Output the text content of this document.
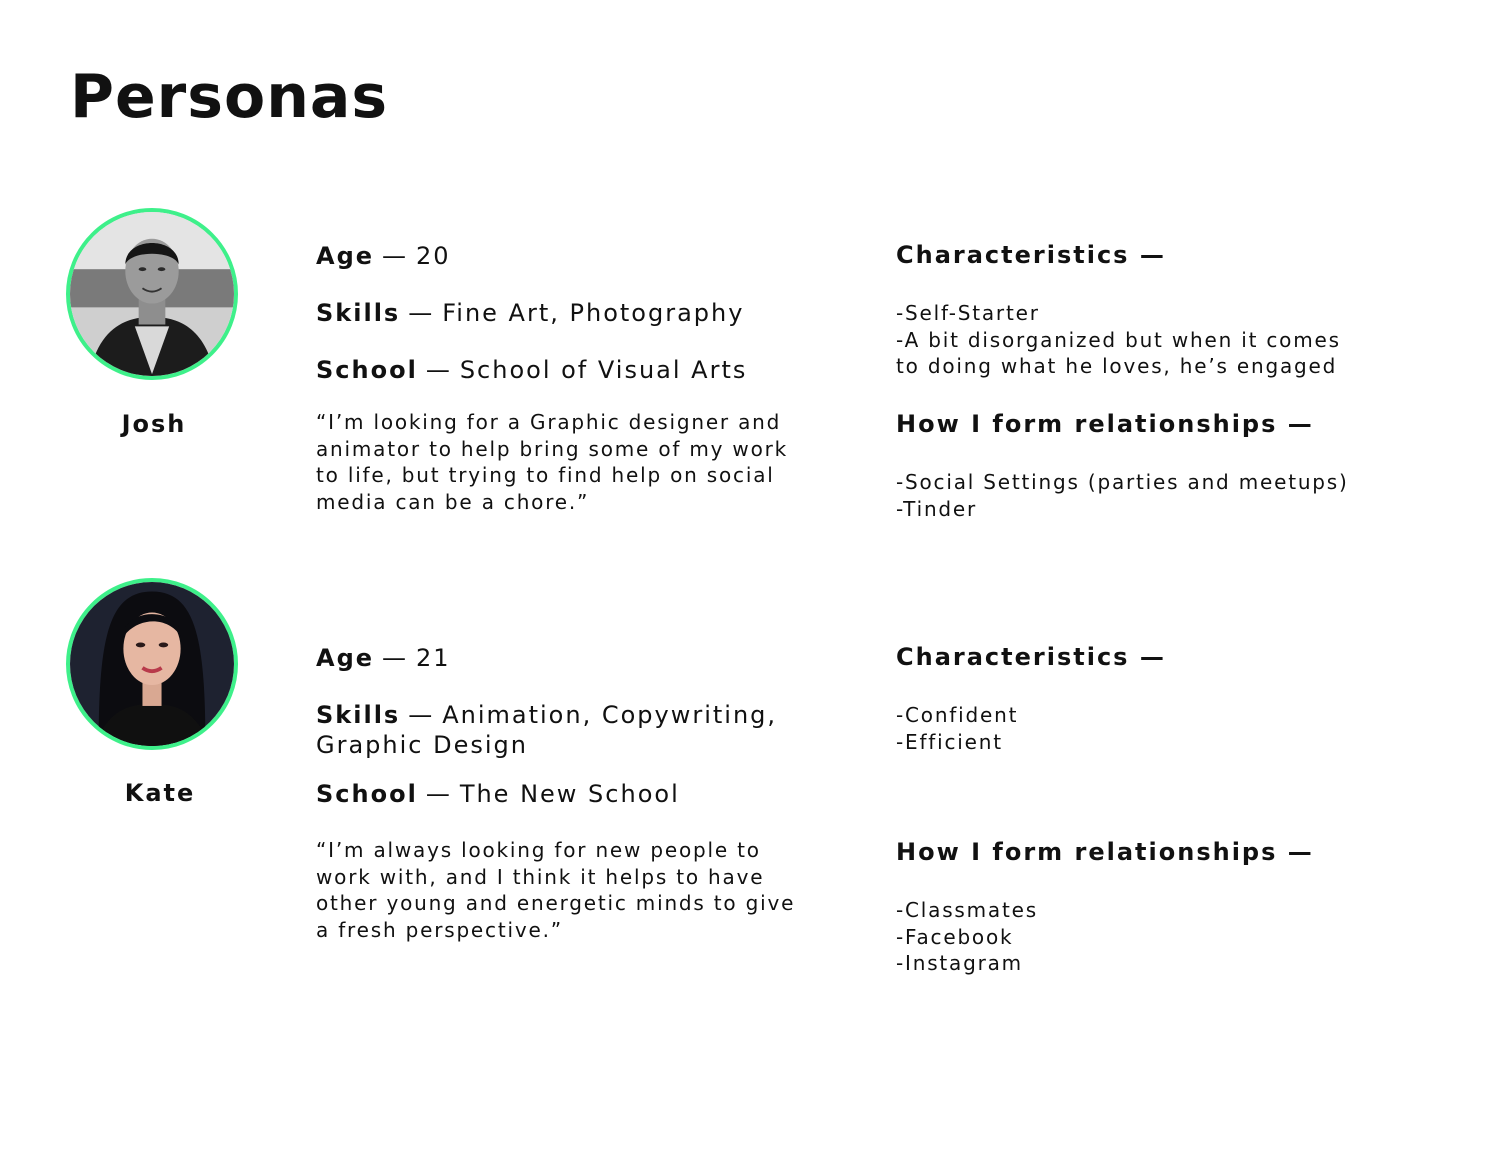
Personas
Josh
Age — 20
Skills — Fine Art, Photography
School — School of Visual Arts
“I’m looking for a Graphic designer and
animator to help bring some of my work
to life, but trying to find help on social
media can be a chore.”
Characteristics —
-Self-Starter
-A bit disorganized but when it comes
to doing what he loves, he’s engaged
How I form relationships —
-Social Settings (parties and meetups)
-Tinder
Kate
Age — 21
Skills — Animation, Copywriting,
Graphic Design
School — The New School
“I’m always looking for new people to
work with, and I think it helps to have
other young and energetic minds to give
a fresh perspective.”
Characteristics —
-Confident
-Efficient
How I form relationships —
-Classmates
-Facebook
-Instagram
